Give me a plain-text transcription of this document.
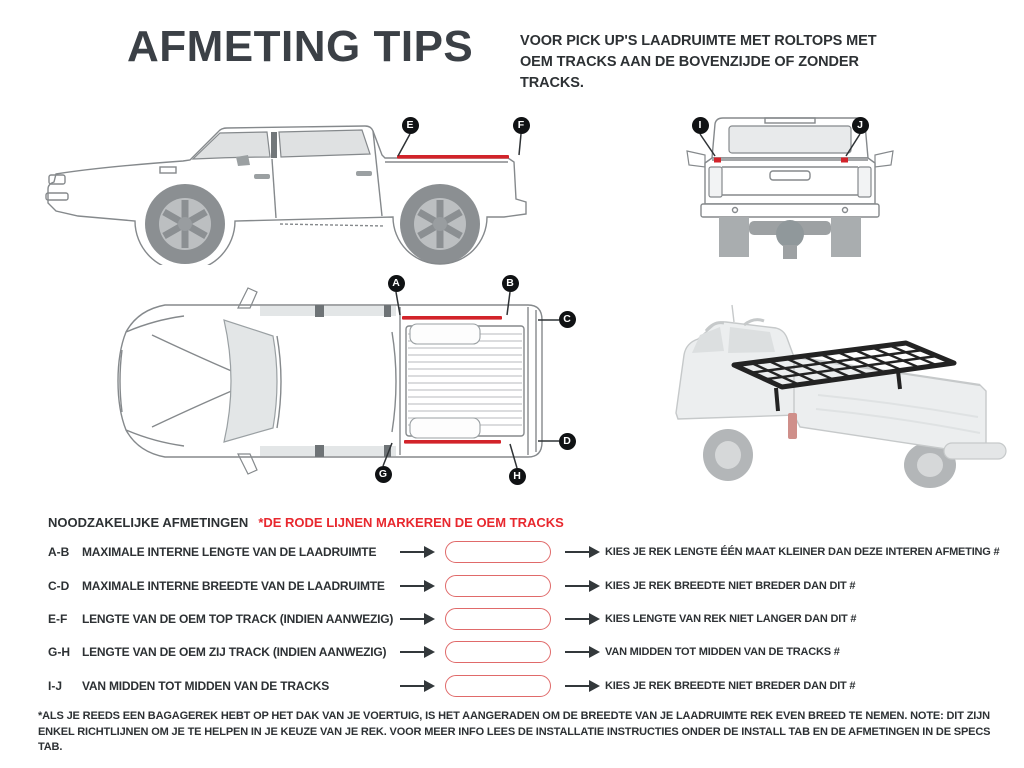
AFMETING TIPS	VOOR PICK UP'S LAADRUIMTE MET ROLTOPS MET OEM TRACKS AAN DE BOVENZIJDE OF ZONDER TRACKS.
A	B
C
D
E	F
G	H
I	J
NOODZAKELIJKE AFMETINGEN *DE RODE LIJNEN MARKEREN DE OEM TRACKS
A-B MAXIMALE INTERNE LENGTE VAN DE LAADRUIMTE	KIES JE REK LENGTE ÉÉN MAAT KLEINER DAN DEZE INTEREN AFMETING #
C-D MAXIMALE INTERNE BREEDTE VAN DE LAADRUIMTE	KIES JE REK BREEDTE NIET BREDER DAN DIT #
E-F LENGTE VAN DE OEM TOP TRACK (INDIEN AANWEZIG)	KIES LENGTE VAN REK NIET LANGER DAN DIT #
G-H LENGTE VAN DE OEM ZIJ TRACK (INDIEN AANWEZIG)	VAN MIDDEN TOT MIDDEN VAN DE TRACKS #
I-J VAN MIDDEN TOT MIDDEN VAN DE TRACKS	KIES JE REK BREEDTE NIET BREDER DAN DIT #
*ALS JE REEDS EEN BAGAGEREK HEBT OP HET DAK VAN JE VOERTUIG, IS HET AANGERADEN OM DE BREEDTE VAN JE LAADRUIMTE REK EVEN BREED TE NEMEN. NOTE: DIT ZIJN ENKEL RICHTLIJNEN OM JE TE HELPEN IN JE KEUZE VAN JE REK. VOOR MEER INFO LEES DE INSTALLATIE INSTRUCTIES ONDER DE INSTALL TAB EN DE AFMETINGEN IN DE SPECS TAB.
